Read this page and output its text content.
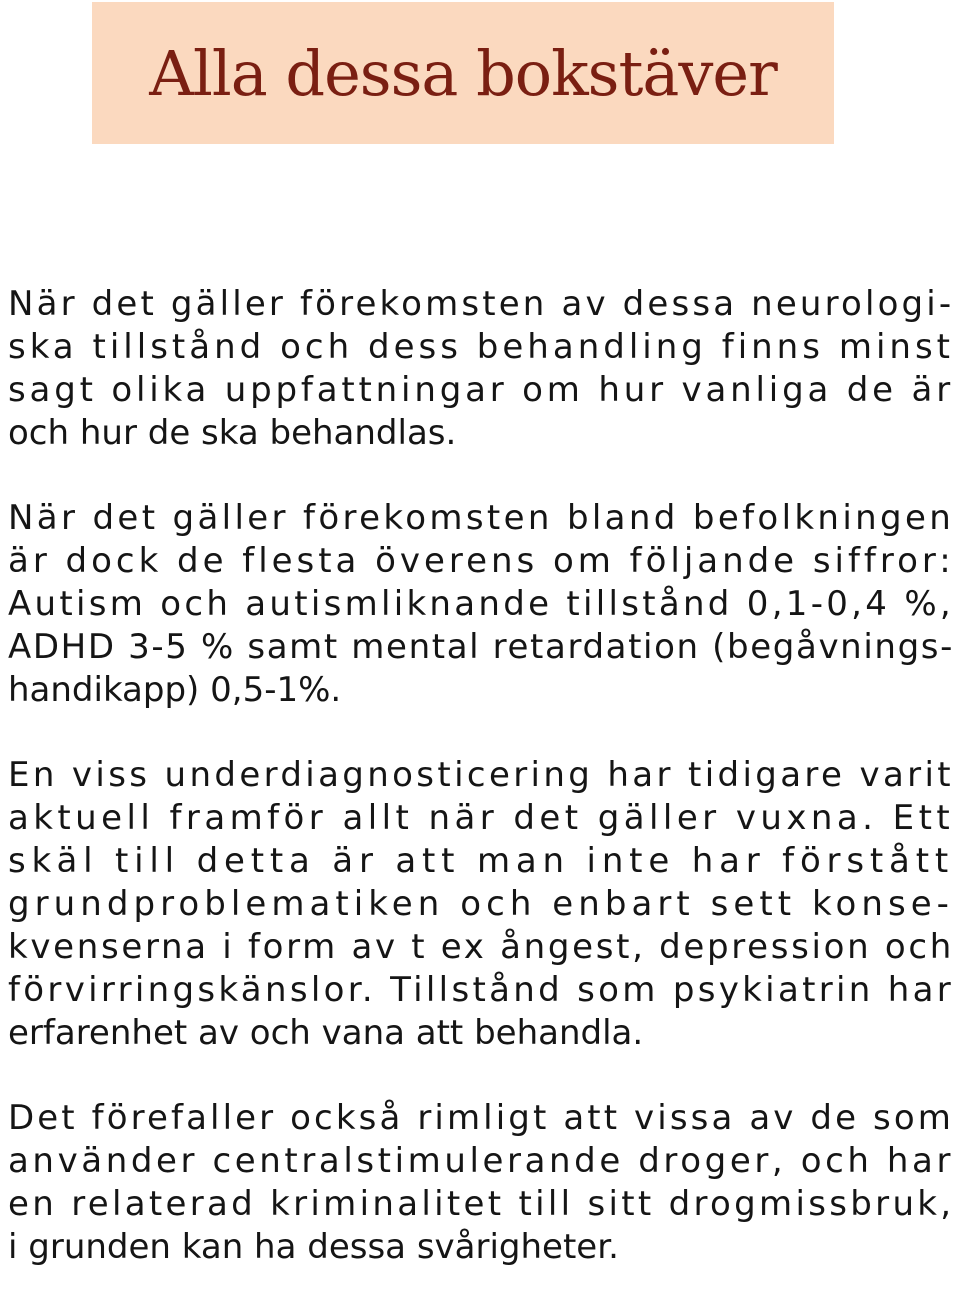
Alla dessa bokstäver

När det gäller förekomsten av dessa neurologi-
ska tillstånd och dess behandling finns minst
sagt olika uppfattningar om hur vanliga de är
och hur de ska behandlas.

När det gäller förekomsten bland befolkningen
är dock de flesta överens om följande siffror:
Autism och autismliknande tillstånd 0,1-0,4 %,
ADHD 3-5 % samt mental retardation (begåvnings-
handikapp) 0,5-1%.

En viss underdiagnosticering har tidigare varit
aktuell framför allt när det gäller vuxna. Ett
skäl till detta är att man inte har förstått
grundproblematiken och enbart sett konse-
kvenserna i form av t ex ångest, depression och
förvirringskänslor. Tillstånd som psykiatrin har
erfarenhet av och vana att behandla.

Det förefaller också rimligt att vissa av de som
använder centralstimulerande droger, och har
en relaterad kriminalitet till sitt drogmissbruk,
i grunden kan ha dessa svårigheter.
